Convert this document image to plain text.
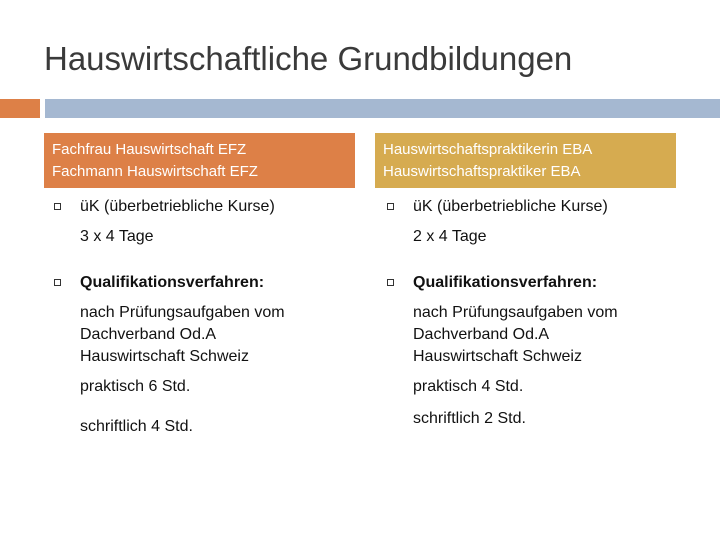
Hauswirtschaftliche Grundbildungen
Fachfrau Hauswirtschaft EFZ
Fachmann Hauswirtschaft EFZ
Hauswirtschaftspraktikerin EBA
Hauswirtschaftspraktiker EBA
üK (überbetriebliche Kurse)
3 x 4 Tage
Qualifikationsverfahren:
nach Prüfungsaufgaben vom
Dachverband Od.A
Hauswirtschaft Schweiz
praktisch 6 Std.
schriftlich 4 Std.
üK (überbetriebliche Kurse)
2 x 4 Tage
Qualifikationsverfahren:
nach Prüfungsaufgaben vom
Dachverband Od.A
Hauswirtschaft Schweiz
praktisch 4 Std.
schriftlich 2 Std.
